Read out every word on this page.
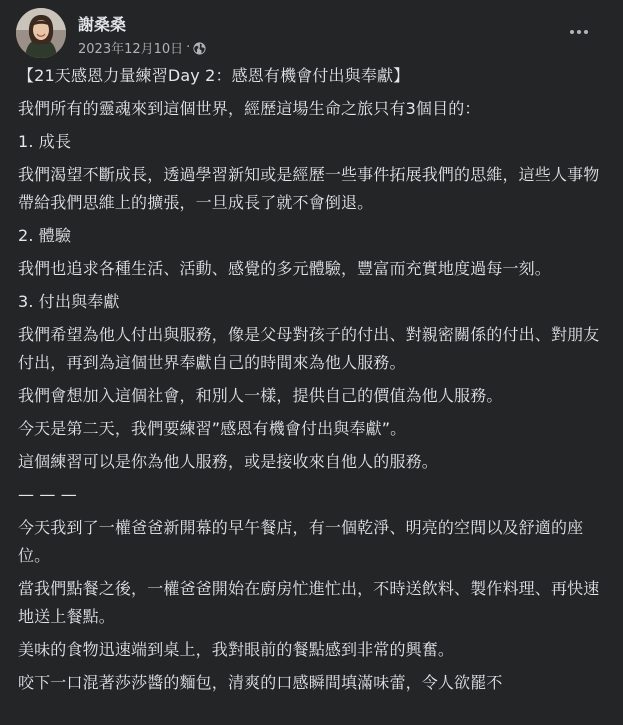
謝桑桑
2023年12月10日 ·

【21天感恩力量練習Day 2：感恩有機會付出與奉獻】

我們所有的靈魂來到這個世界，經歷這場生命之旅只有3個目的：

1. 成長

我們渴望不斷成長，透過學習新知或是經歷一些事件拓展我們的思維，這些人事物帶給我們思維上的擴張，一旦成長了就不會倒退。

2. 體驗

我們也追求各種生活、活動、感覺的多元體驗，豐富而充實地度過每一刻。

3. 付出與奉獻

我們希望為他人付出與服務，像是父母對孩子的付出、對親密關係的付出、對朋友付出，再到為這個世界奉獻自己的時間來為他人服務。

我們會想加入這個社會，和別人一樣，提供自己的價值為他人服務。

今天是第二天，我們要練習”感恩有機會付出與奉獻”。

這個練習可以是你為他人服務，或是接收來自他人的服務。

— — —

今天我到了一權爸爸新開幕的早午餐店，有一個乾淨、明亮的空間以及舒適的座位。

當我們點餐之後，一權爸爸開始在廚房忙進忙出，不時送飲料、製作料理、再快速地送上餐點。

美味的食物迅速端到桌上，我對眼前的餐點感到非常的興奮。

咬下一口混著莎莎醬的麵包，清爽的口感瞬間填滿味蕾，令人欲罷不
